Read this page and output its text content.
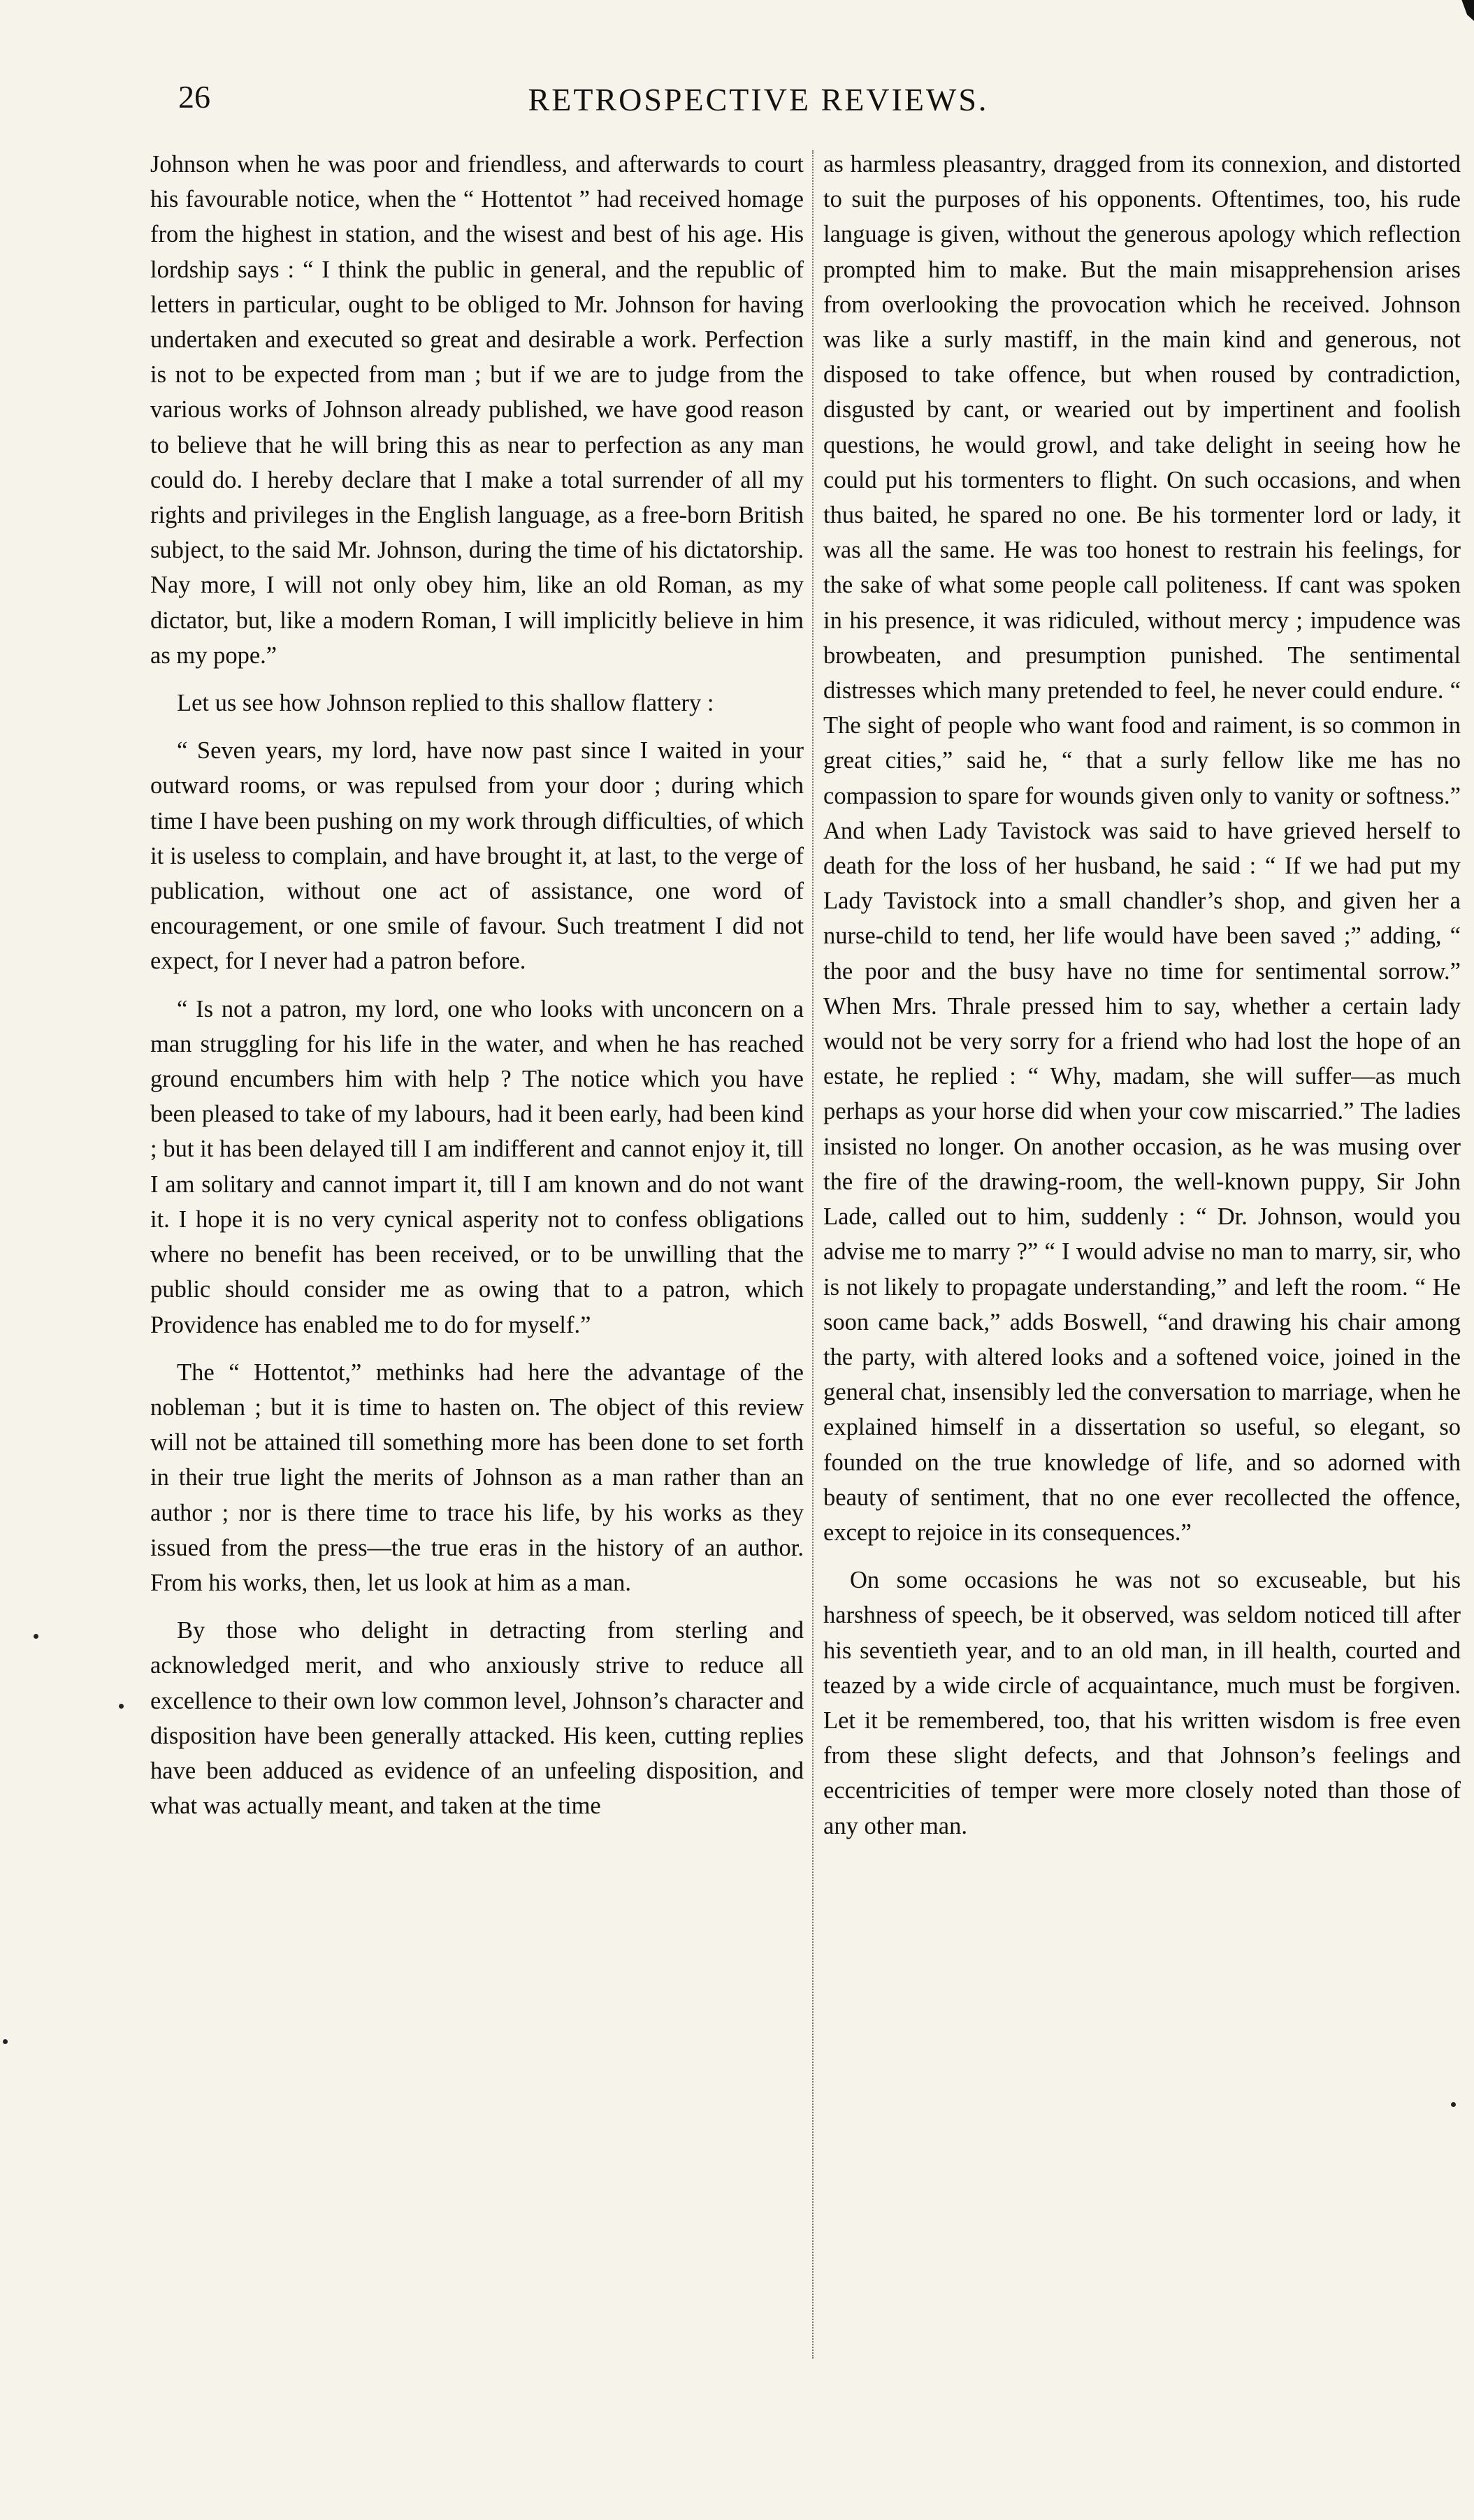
26	RETROSPECTIVE REVIEWS.

Johnson when he was poor and friendless, and afterwards to court his favourable notice, when the “ Hottentot ” had received homage from the highest in station, and the wisest and best of his age. His lordship says : “ I think the public in general, and the republic of letters in particular, ought to be obliged to Mr. Johnson for having undertaken and executed so great and desirable a work. Perfection is not to be expected from man ; but if we are to judge from the various works of Johnson already published, we have good reason to believe that he will bring this as near to perfection as any man could do. I hereby declare that I make a total surrender of all my rights and privileges in the English language, as a free-born British subject, to the said Mr. Johnson, during the time of his dictatorship. Nay more, I will not only obey him, like an old Roman, as my dictator, but, like a modern Roman, I will implicitly believe in him as my pope.”

Let us see how Johnson replied to this shallow flattery :

“ Seven years, my lord, have now past since I waited in your outward rooms, or was repulsed from your door ; during which time I have been pushing on my work through difficulties, of which it is useless to complain, and have brought it, at last, to the verge of publication, without one act of assistance, one word of encouragement, or one smile of favour. Such treatment I did not expect, for I never had a patron before.

“ Is not a patron, my lord, one who looks with unconcern on a man struggling for his life in the water, and when he has reached ground encumbers him with help ? The notice which you have been pleased to take of my labours, had it been early, had been kind ; but it has been delayed till I am indifferent and cannot enjoy it, till I am solitary and cannot impart it, till I am known and do not want it. I hope it is no very cynical asperity not to confess obligations where no benefit has been received, or to be unwilling that the public should consider me as owing that to a patron, which Providence has enabled me to do for myself.”

The “ Hottentot,” methinks had here the advantage of the nobleman ; but it is time to hasten on. The object of this review will not be attained till something more has been done to set forth in their true light the merits of Johnson as a man rather than an author ; nor is there time to trace his life, by his works as they issued from the press—the true eras in the history of an author. From his works, then, let us look at him as a man.

By those who delight in detracting from sterling and acknowledged merit, and who anxiously strive to reduce all excellence to their own low common level, Johnson’s character and disposition have been generally attacked. His keen, cutting replies have been adduced as evidence of an unfeeling disposition, and what was actually meant, and taken at the time

as harmless pleasantry, dragged from its connexion, and distorted to suit the purposes of his opponents. Oftentimes, too, his rude language is given, without the generous apology which reflection prompted him to make. But the main misapprehension arises from overlooking the provocation which he received. Johnson was like a surly mastiff, in the main kind and generous, not disposed to take offence, but when roused by contradiction, disgusted by cant, or wearied out by impertinent and foolish questions, he would growl, and take delight in seeing how he could put his tormenters to flight. On such occasions, and when thus baited, he spared no one. Be his tormenter lord or lady, it was all the same. He was too honest to restrain his feelings, for the sake of what some people call politeness. If cant was spoken in his presence, it was ridiculed, without mercy ; impudence was browbeaten, and presumption punished. The sentimental distresses which many pretended to feel, he never could endure. “ The sight of people who want food and raiment, is so common in great cities,” said he, “ that a surly fellow like me has no compassion to spare for wounds given only to vanity or softness.” And when Lady Tavistock was said to have grieved herself to death for the loss of her husband, he said : “ If we had put my Lady Tavistock into a small chandler’s shop, and given her a nurse-child to tend, her life would have been saved ;” adding, “ the poor and the busy have no time for sentimental sorrow.” When Mrs. Thrale pressed him to say, whether a certain lady would not be very sorry for a friend who had lost the hope of an estate, he replied : “ Why, madam, she will suffer—as much perhaps as your horse did when your cow miscarried.” The ladies insisted no longer. On another occasion, as he was musing over the fire of the drawing-room, the well-known puppy, Sir John Lade, called out to him, suddenly : “ Dr. Johnson, would you advise me to marry ?” “ I would advise no man to marry, sir, who is not likely to propagate understanding,” and left the room. “ He soon came back,” adds Boswell, “and drawing his chair among the party, with altered looks and a softened voice, joined in the general chat, insensibly led the conversation to marriage, when he explained himself in a dissertation so useful, so elegant, so founded on the true knowledge of life, and so adorned with beauty of sentiment, that no one ever recollected the offence, except to rejoice in its consequences.”

On some occasions he was not so excuseable, but his harshness of speech, be it observed, was seldom noticed till after his seventieth year, and to an old man, in ill health, courted and teazed by a wide circle of acquaintance, much must be forgiven. Let it be remembered, too, that his written wisdom is free even from these slight defects, and that Johnson’s feelings and eccentricities of temper were more closely noted than those of any other man.
